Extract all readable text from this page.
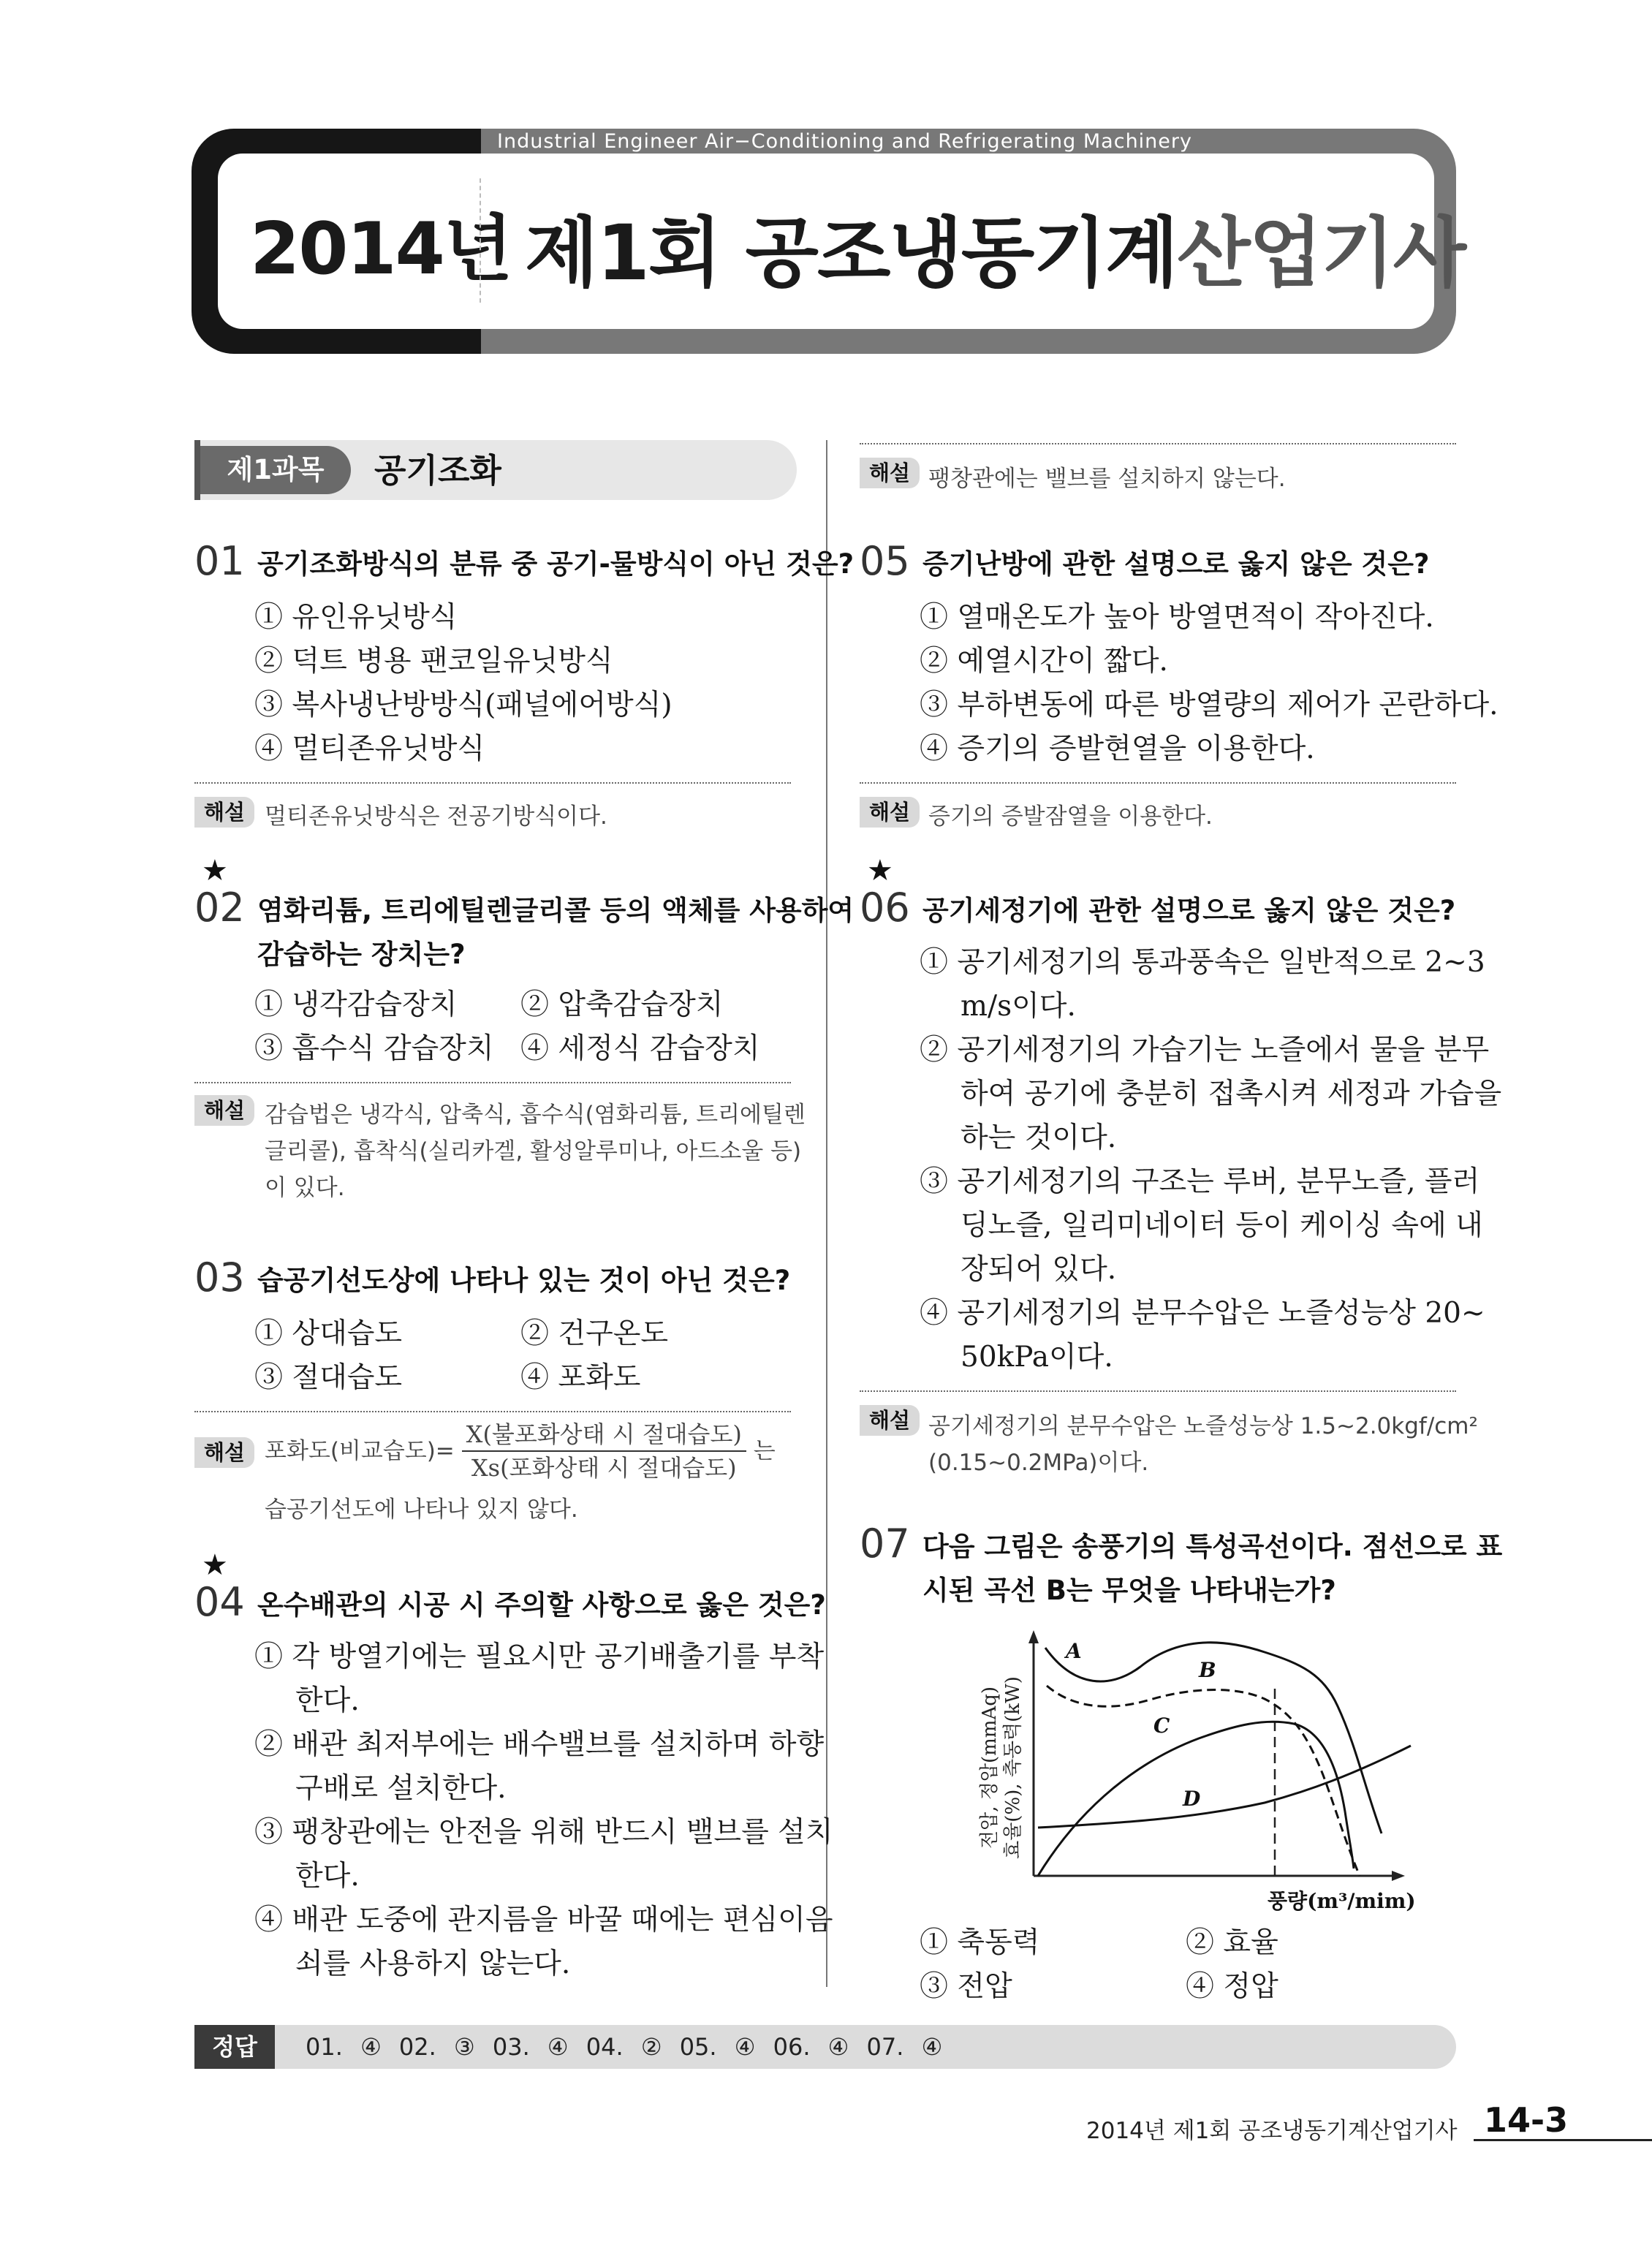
Industrial Engineer Air−Conditioning and Refrigerating Machinery
2014년 제1회 공조냉동기계산업기사
제1과목	공기조화
01 공기조화방식의 분류 중 공기-물방식이 아닌 것은?
① 유인유닛방식
② 덕트 병용 팬코일유닛방식
③ 복사냉난방방식(패널에어방식)
④ 멀티존유닛방식
해설 멀티존유닛방식은 전공기방식이다.
★
02 염화리튬, 트리에틸렌글리콜 등의 액체를 사용하여
감습하는 장치는?
① 냉각감습장치 ② 압축감습장치
③ 흡수식 감습장치 ④ 세정식 감습장치
해설 감습법은 냉각식, 압축식, 흡수식(염화리튬, 트리에틸렌
글리콜), 흡착식(실리카겔, 활성알루미나, 아드소울 등)
이 있다.
03 습공기선도상에 나타나 있는 것이 아닌 것은?
① 상대습도	② 건구온도
③ 절대습도	④ 포화도
해설 포화도(비교습도)= $\frac{\text{X(불포화상태 시 절대습도)}}{\text{Xs(포화상태 시 절대습도)}}$ 는
습공기선도에 나타나 있지 않다.
★
04 온수배관의 시공 시 주의할 사항으로 옳은 것은?
① 각 방열기에는 필요시만 공기배출기를 부착
한다.
② 배관 최저부에는 배수밸브를 설치하며 하향
구배로 설치한다.
③ 팽창관에는 안전을 위해 반드시 밸브를 설치
한다.
④ 배관 도중에 관지름을 바꿀 때에는 편심이음
쇠를 사용하지 않는다.
해설 팽창관에는 밸브를 설치하지 않는다.
05 증기난방에 관한 설명으로 옳지 않은 것은?
① 열매온도가 높아 방열면적이 작아진다.
② 예열시간이 짧다.
③ 부하변동에 따른 방열량의 제어가 곤란하다.
④ 증기의 증발현열을 이용한다.
해설 증기의 증발잠열을 이용한다.
★
06 공기세정기에 관한 설명으로 옳지 않은 것은?
① 공기세정기의 통과풍속은 일반적으로 2~3
m/s이다.
② 공기세정기의 가습기는 노즐에서 물을 분무
하여 공기에 충분히 접촉시켜 세정과 가습을
하는 것이다.
③ 공기세정기의 구조는 루버, 분무노즐, 플러
딩노즐, 일리미네이터 등이 케이싱 속에 내
장되어 있다.
④ 공기세정기의 분무수압은 노즐성능상 20~
50kPa이다.
해설 공기세정기의 분무수압은 노즐성능상 1.5~2.0kgf/cm²
(0.15~0.2MPa)이다.
07 다음 그림은 송풍기의 특성곡선이다. 점선으로 표
시된 곡선 B는 무엇을 나타내는가?
전압, 정압(mmAq) 효율(%), 축동력(kW)
A
B
C
D
풍량(m³/mim)
① 축동력	② 효율
③ 전압	④ 정압
정답	01. ④ 02. ③ 03. ④ 04. ② 05. ④ 06. ④ 07. ④
2014년 제1회 공조냉동기계산업기사 14-3
